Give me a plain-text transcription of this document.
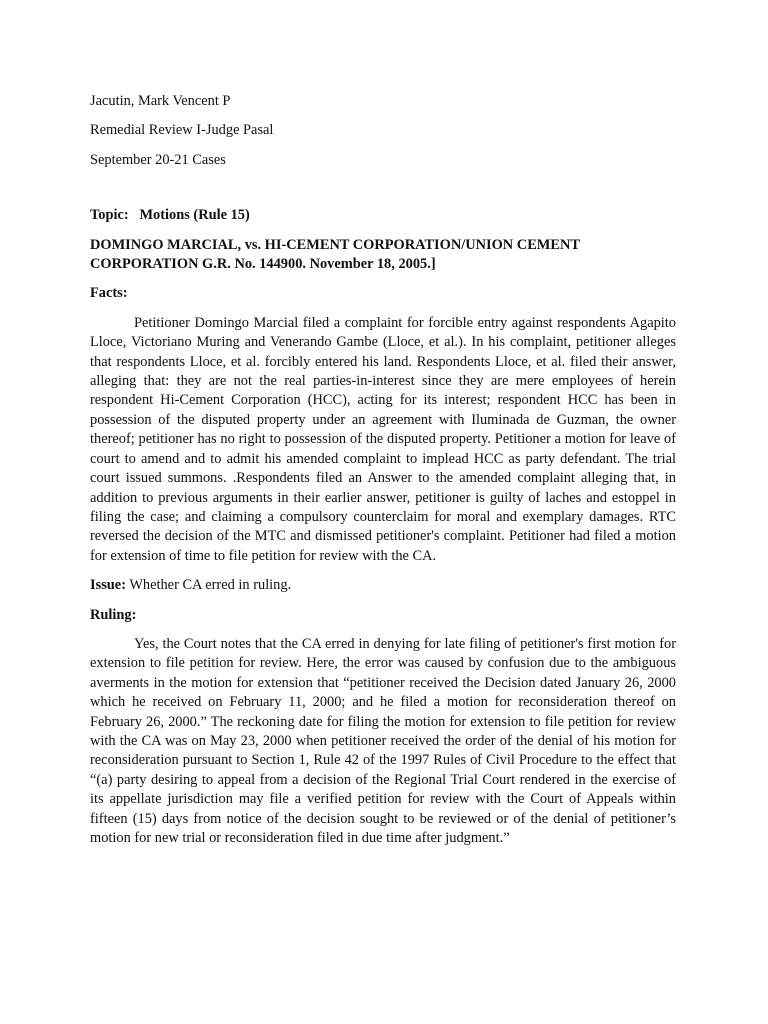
Jacutin, Mark Vencent P

Remedial Review I-Judge Pasal

September 20-21 Cases

Topic: Motions (Rule 15)

DOMINGO MARCIAL, vs. HI-CEMENT CORPORATION/UNION CEMENT CORPORATION G.R. No. 144900. November 18, 2005.]

Facts:

Petitioner Domingo Marcial filed a complaint for forcible entry against respondents Agapito Lloce, Victoriano Muring and Venerando Gambe (Lloce, et al.). In his complaint, petitioner alleges that respondents Lloce, et al. forcibly entered his land. Respondents Lloce, et al. filed their answer, alleging that: they are not the real parties-in-interest since they are mere employees of herein respondent Hi-Cement Corporation (HCC), acting for its interest; respondent HCC has been in possession of the disputed property under an agreement with Iluminada de Guzman, the owner thereof; petitioner has no right to possession of the disputed property. Petitioner a motion for leave of court to amend and to admit his amended complaint to implead HCC as party defendant. The trial court issued summons. .Respondents filed an Answer to the amended complaint alleging that, in addition to previous arguments in their earlier answer, petitioner is guilty of laches and estoppel in filing the case; and claiming a compulsory counterclaim for moral and exemplary damages. RTC reversed the decision of the MTC and dismissed petitioner's complaint. Petitioner had filed a motion for extension of time to file petition for review with the CA.

Issue: Whether CA erred in ruling.

Ruling:

Yes, the Court notes that the CA erred in denying for late filing of petitioner's first motion for extension to file petition for review. Here, the error was caused by confusion due to the ambiguous averments in the motion for extension that “petitioner received the Decision dated January 26, 2000 which he received on February 11, 2000; and he filed a motion for reconsideration thereof on February 26, 2000.” The reckoning date for filing the motion for extension to file petition for review with the CA was on May 23, 2000 when petitioner received the order of the denial of his motion for reconsideration pursuant to Section 1, Rule 42 of the 1997 Rules of Civil Procedure to the effect that “(a) party desiring to appeal from a decision of the Regional Trial Court rendered in the exercise of its appellate jurisdiction may file a verified petition for review with the Court of Appeals within fifteen (15) days from notice of the decision sought to be reviewed or of the denial of petitioner’s motion for new trial or reconsideration filed in due time after judgment.”
